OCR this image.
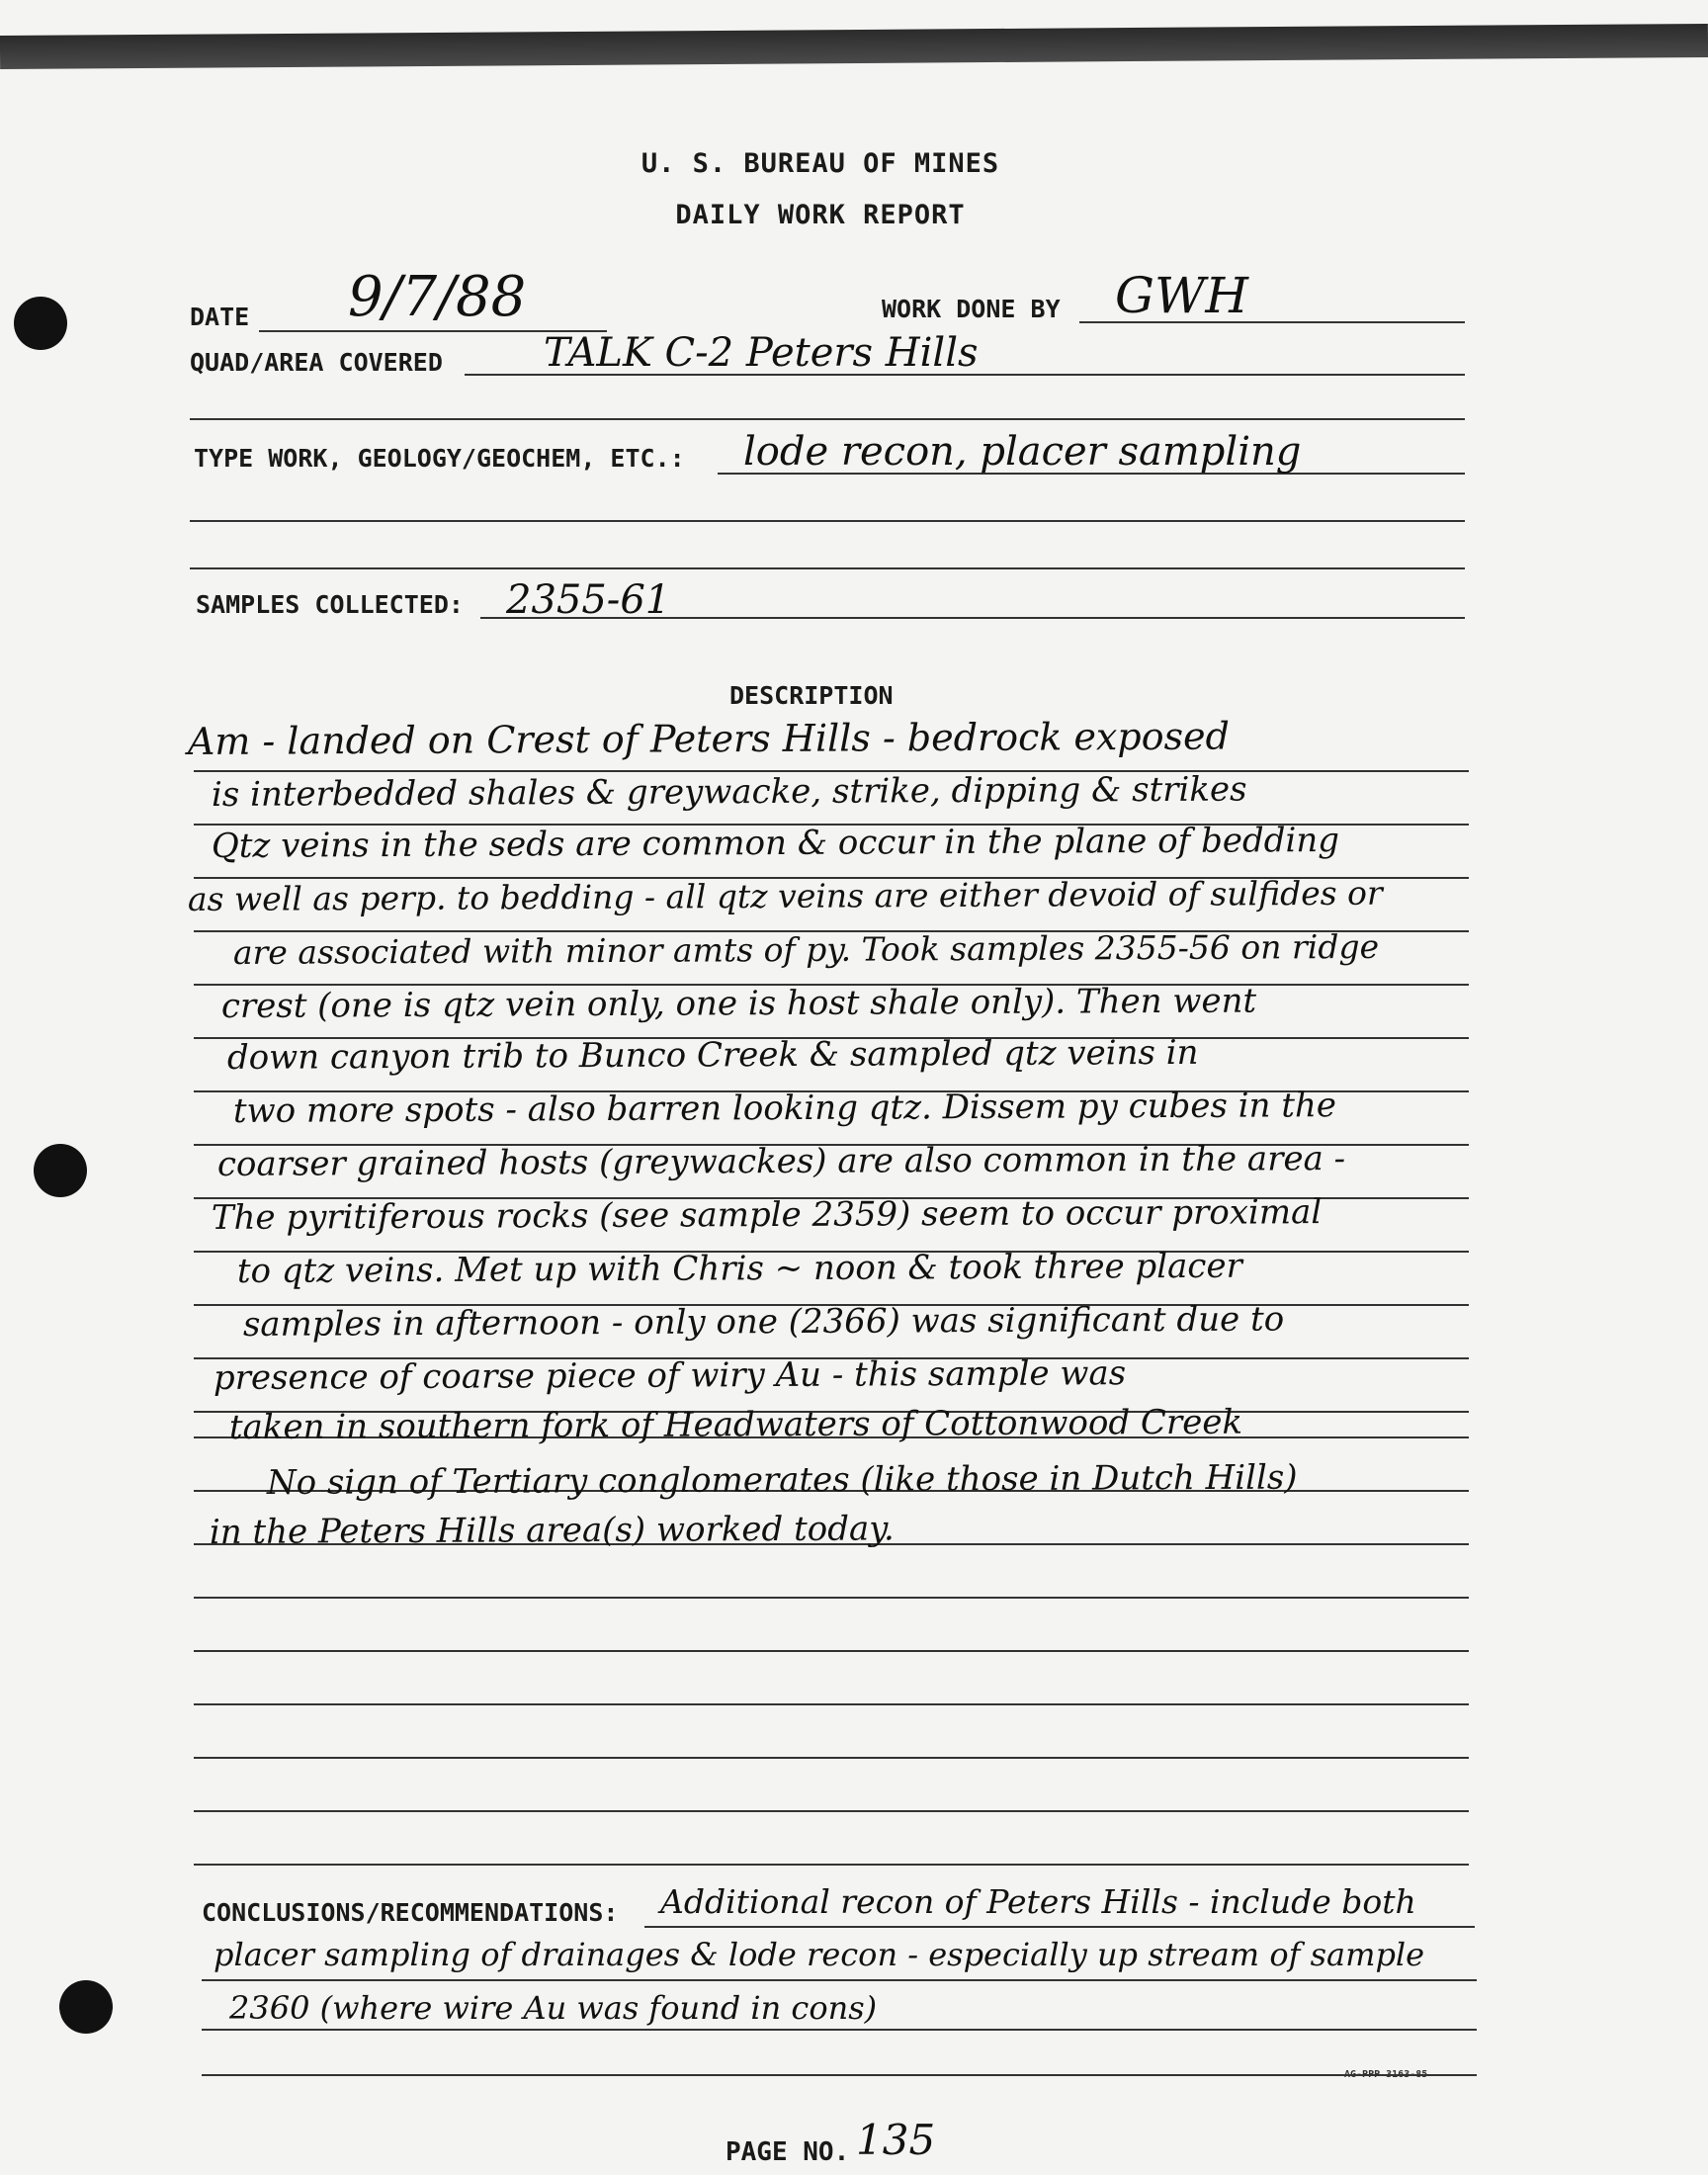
U. S. BUREAU OF MINES
DAILY WORK REPORT
DATE 9/7/88	WORK DONE BY GWH
QUAD/AREA COVERED	TALK C-2 Peters Hills
TYPE WORK, GEOLOGY/GEOCHEM, ETC.: lode recon, placer sampling
SAMPLES COLLECTED: 2355-61
DESCRIPTION
Am - landed on Crest of Peters Hills - bedrock exposed
is interbedded shales & greywacke, strike, dipping & strikes
Qtz veins in the seds are common & occur in the plane of bedding
as well as perp. to bedding - all qtz veins are either devoid of sulfides or
are associated with minor amts of py. Took samples 2355-56 on ridge
crest (one is qtz vein only, one is host shale only). Then went
down canyon trib to Bunco Creek & sampled qtz veins in
two more spots - also barren looking qtz. Dissem py cubes in the
coarser grained hosts (greywackes) are also common in the area -
The pyritiferous rocks (see sample 2359) seem to occur proximal
to qtz veins. Met up with Chris ~ noon & took three placer
samples in afternoon - only one (2366) was significant due to
presence of coarse piece of wiry Au - this sample was
taken in southern fork of Headwaters of Cottonwood Creek
No sign of Tertiary conglomerates (like those in Dutch Hills)
in the Peters Hills area(s) worked today.
CONCLUSIONS/RECOMMENDATIONS: Additional recon of Peters Hills - include both
placer sampling of drainages & lode recon - especially up stream of sample
2360 (where wire Au was found in cons)
AG-PPP 3163-85
PAGE NO. 135
